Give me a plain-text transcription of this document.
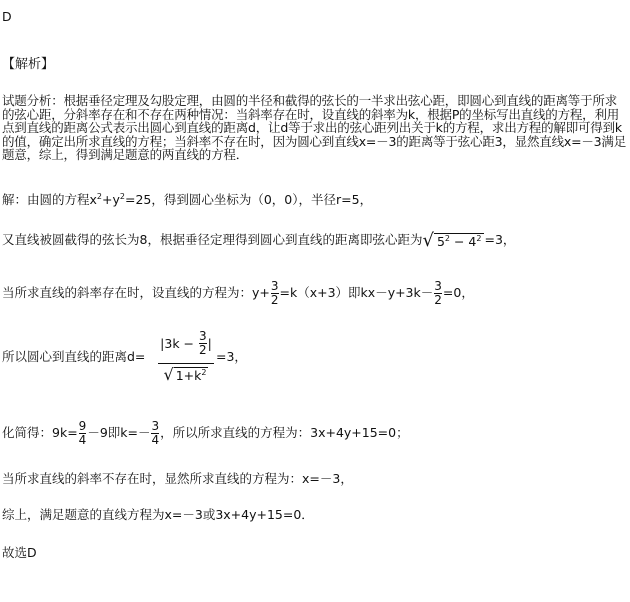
D
【解析】
试题分析：根据垂径定理及勾股定理，由圆的半径和截得的弦长的一半求出弦心距，即圆心到直线的距离等于所求的弦心距，分斜率存在和不存在两种情况：当斜率存在时，设直线的斜率为k，根据P的坐标写出直线的方程，利用点到直线的距离公式表示出圆心到直线的距离d，让d等于求出的弦心距列出关于k的方程，求出方程的解即可得到k的值，确定出所求直线的方程；当斜率不存在时，因为圆心到直线x=－3的距离等于弦心距3，显然直线x=－3满足题意，综上，得到满足题意的两直线的方程．
解：由圆的方程$x^2+y^2=25$，得到圆心坐标为（0，0），半径r=5，
又直线被圆截得的弦长为8，根据垂径定理得到圆心到直线的距离即弦心距为√ $5^2 - 4^2 =3$，
当所求直线的斜率存在时，设直线的方程为：$y+ \frac{3}{2} =k(x+3)$即$kx-y+3k- \frac{3}{2} =0$，
所以圆心到直线的距离$d= \frac{|3k - \frac{3}{2} |}{√ 1+k^2} =3$，
化简得：$9k= \frac{9}{4} -9$即$k=- \frac{3}{4}$ ，所以所求直线的方程为：3x+4y+15=0；
当所求直线的斜率不存在时，显然所求直线的方程为：x=－3，
综上，满足题意的直线方程为x=－3或3x+4y+15=0．
故选D
